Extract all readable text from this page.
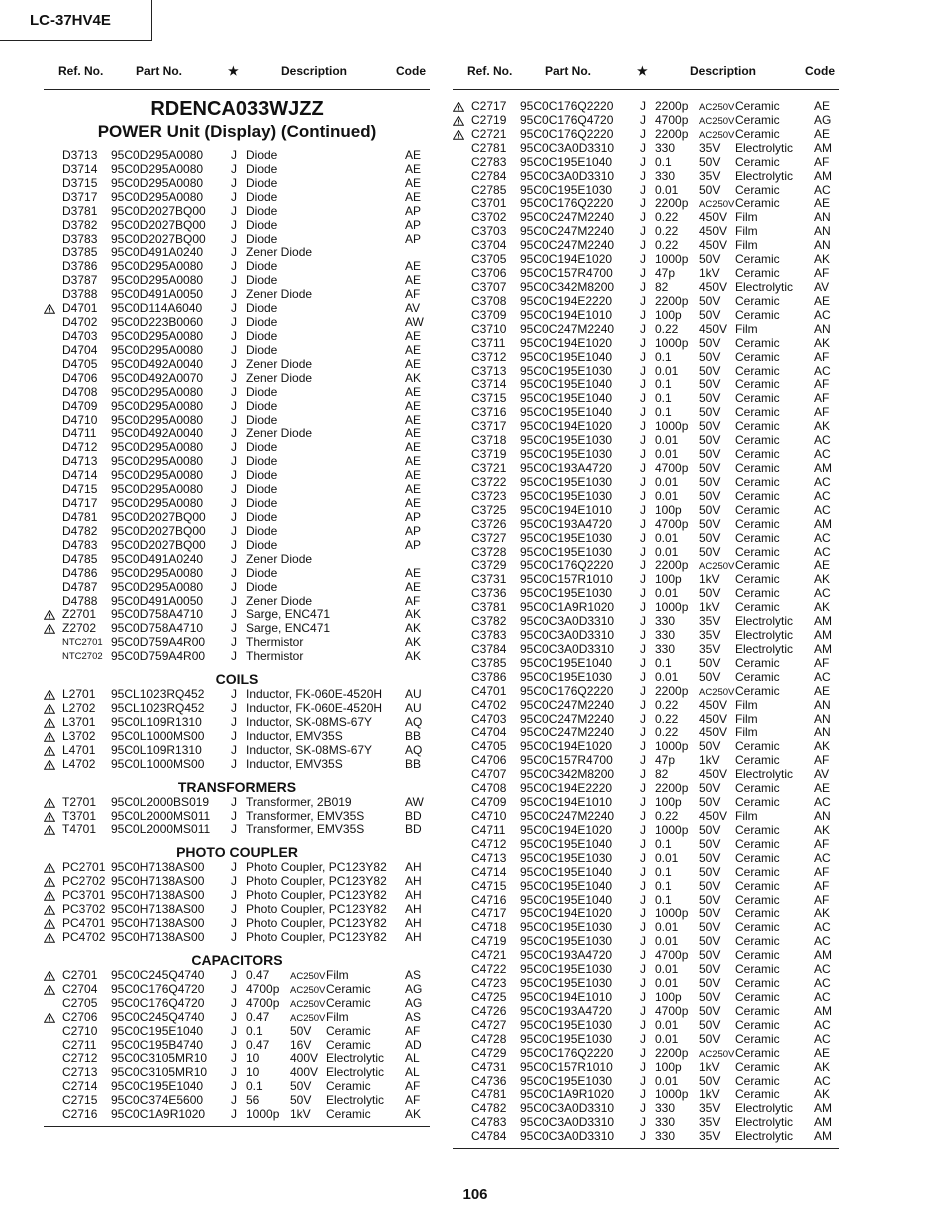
LC-37HV4E
Ref. No.	Part No.	★	Description	Code
RDENCA033WJZZ
POWER Unit (Display) (Continued)
D3713 95C0D295A0080 J Diode	AE
D3714 95C0D295A0080 J Diode	AE
D3715 95C0D295A0080 J Diode	AE
D3717 95C0D295A0080 J Diode	AE
D3781 95C0D2027BQ00 J Diode	AP
D3782 95C0D2027BQ00 J Diode	AP
D3783 95C0D2027BQ00 J Diode	AP
D3785 95C0D491A0240 J Zener Diode
D3786 95C0D295A0080 J Diode	AE
D3787 95C0D295A0080 J Diode	AE
D3788 95C0D491A0050 J Zener Diode	AF
D4701 95C0D114A6040 J Diode	AV
D4702 95C0D223B0060 J Diode	AW
D4703 95C0D295A0080 J Diode	AE
D4704 95C0D295A0080 J Diode	AE
D4705 95C0D492A0040 J Zener Diode	AE
D4706 95C0D492A0070 J Zener Diode	AK
D4708 95C0D295A0080 J Diode	AE
D4709 95C0D295A0080 J Diode	AE
D4710 95C0D295A0080 J Diode	AE
D4711 95C0D492A0040 J Zener Diode	AE
D4712 95C0D295A0080 J Diode	AE
D4713 95C0D295A0080 J Diode	AE
D4714 95C0D295A0080 J Diode	AE
D4715 95C0D295A0080 J Diode	AE
D4717 95C0D295A0080 J Diode	AE
D4781 95C0D2027BQ00 J Diode	AP
D4782 95C0D2027BQ00 J Diode	AP
D4783 95C0D2027BQ00 J Diode	AP
D4785 95C0D491A0240 J Zener Diode
D4786 95C0D295A0080 J Diode	AE
D4787 95C0D295A0080 J Diode	AE
D4788 95C0D491A0050 J Zener Diode	AF
Z2701 95C0D758A4710 J Sarge, ENC471	AK
Z2702 95C0D758A4710 J Sarge, ENC471	AK
NTC2701 95C0D759A4R00 J Thermistor	AK
NTC2702 95C0D759A4R00 J Thermistor	AK
COILS
L2701 95CL1023RQ452 J Inductor, FK-060E-4520H AU
L2702 95CL1023RQ452 J Inductor, FK-060E-4520H AU
L3701 95C0L109R1310 J Inductor, SK-08MS-67Y	AQ
L3702 95C0L1000MS00 J Inductor, EMV35S	BB
L4701 95C0L109R1310 J Inductor, SK-08MS-67Y	AQ
L4702 95C0L1000MS00 J Inductor, EMV35S	BB
TRANSFORMERS
T2701 95C0L2000BS019 J Transformer, 2B019	AW
T3701 95C0L2000MS011 J Transformer, EMV35S	BD
T4701 95C0L2000MS011 J Transformer, EMV35S	BD
PHOTO COUPLER
PC2701 95C0H7138AS00 J Photo Coupler, PC123Y82 AH
PC2702 95C0H7138AS00 J Photo Coupler, PC123Y82 AH
PC3701 95C0H7138AS00 J Photo Coupler, PC123Y82 AH
PC3702 95C0H7138AS00 J Photo Coupler, PC123Y82 AH
PC4701 95C0H7138AS00 J Photo Coupler, PC123Y82 AH
PC4702 95C0H7138AS00 J Photo Coupler, PC123Y82 AH
CAPACITORS
C2701 95C0C245Q4740 J 0.47 AC250V Film	AS
C2704 95C0C176Q4720 J 4700p AC250V Ceramic	AG
C2705 95C0C176Q4720 J 4700p AC250V Ceramic	AG
C2706 95C0C245Q4740 J 0.47 AC250V Film	AS
C2710 95C0C195E1040 J 0.1 50V Ceramic	AF
C2711 95C0C195B4740 J 0.47 16V Ceramic	AD
C2712 95C0C3105MR10 J 10	400V Electrolytic AL
C2713 95C0C3105MR10 J 10	400V Electrolytic AL
C2714 95C0C195E1040 J 0.1 50V Ceramic	AF
C2715 95C0C374E5600 J 56	50V Electrolytic AF
C2716 95C0C1A9R1020 J 1000p 1kV Ceramic	AK
Ref. No.	Part No.	★	Description	Code
C2717 95C0C176Q2220 J 2200p AC250V Ceramic	AE
C2719 95C0C176Q4720 J 4700p AC250V Ceramic	AG
C2721 95C0C176Q2220 J 2200p AC250V Ceramic	AE
C2781 95C0C3A0D3310 J 330 35V Electrolytic AM
C2783 95C0C195E1040 J 0.1 50V Ceramic	AF
C2784 95C0C3A0D3310 J 330 35V Electrolytic AM
C2785 95C0C195E1030 J 0.01 50V Ceramic	AC
C3701 95C0C176Q2220 J 2200p AC250V Ceramic	AE
C3702 95C0C247M2240 J 0.22 450V Film	AN
C3703 95C0C247M2240 J 0.22 450V Film	AN
C3704 95C0C247M2240 J 0.22 450V Film	AN
C3705 95C0C194E1020 J 1000p 50V Ceramic	AK
C3706 95C0C157R4700 J 47p 1kV Ceramic	AF
C3707 95C0C342M8200 J 82	450V Electrolytic AV
C3708 95C0C194E2220 J 2200p 50V Ceramic	AE
C3709 95C0C194E1010 J 100p 50V Ceramic	AC
C3710 95C0C247M2240 J 0.22 450V Film	AN
C3711 95C0C194E1020 J 1000p 50V Ceramic	AK
C3712 95C0C195E1040 J 0.1 50V Ceramic	AF
C3713 95C0C195E1030 J 0.01 50V Ceramic	AC
C3714 95C0C195E1040 J 0.1 50V Ceramic	AF
C3715 95C0C195E1040 J 0.1 50V Ceramic	AF
C3716 95C0C195E1040 J 0.1 50V Ceramic	AF
C3717 95C0C194E1020 J 1000p 50V Ceramic	AK
C3718 95C0C195E1030 J 0.01 50V Ceramic	AC
C3719 95C0C195E1030 J 0.01 50V Ceramic	AC
C3721 95C0C193A4720 J 4700p 50V Ceramic	AM
C3722 95C0C195E1030 J 0.01 50V Ceramic	AC
C3723 95C0C195E1030 J 0.01 50V Ceramic	AC
C3725 95C0C194E1010 J 100p 50V Ceramic	AC
C3726 95C0C193A4720 J 4700p 50V Ceramic	AM
C3727 95C0C195E1030 J 0.01 50V Ceramic	AC
C3728 95C0C195E1030 J 0.01 50V Ceramic	AC
C3729 95C0C176Q2220 J 2200p AC250V Ceramic	AE
C3731 95C0C157R1010 J 100p 1kV Ceramic	AK
C3736 95C0C195E1030 J 0.01 50V Ceramic	AC
C3781 95C0C1A9R1020 J 1000p 1kV Ceramic	AK
C3782 95C0C3A0D3310 J 330 35V Electrolytic AM
C3783 95C0C3A0D3310 J 330 35V Electrolytic AM
C3784 95C0C3A0D3310 J 330 35V Electrolytic AM
C3785 95C0C195E1040 J 0.1 50V Ceramic	AF
C3786 95C0C195E1030 J 0.01 50V Ceramic	AC
C4701 95C0C176Q2220 J 2200p AC250V Ceramic	AE
C4702 95C0C247M2240 J 0.22 450V Film	AN
C4703 95C0C247M2240 J 0.22 450V Film	AN
C4704 95C0C247M2240 J 0.22 450V Film	AN
C4705 95C0C194E1020 J 1000p 50V Ceramic	AK
C4706 95C0C157R4700 J 47p 1kV Ceramic	AF
C4707 95C0C342M8200 J 82	450V Electrolytic AV
C4708 95C0C194E2220 J 2200p 50V Ceramic	AE
C4709 95C0C194E1010 J 100p 50V Ceramic	AC
C4710 95C0C247M2240 J 0.22 450V Film	AN
C4711 95C0C194E1020 J 1000p 50V Ceramic	AK
C4712 95C0C195E1040 J 0.1 50V Ceramic	AF
C4713 95C0C195E1030 J 0.01 50V Ceramic	AC
C4714 95C0C195E1040 J 0.1 50V Ceramic	AF
C4715 95C0C195E1040 J 0.1 50V Ceramic	AF
C4716 95C0C195E1040 J 0.1 50V Ceramic	AF
C4717 95C0C194E1020 J 1000p 50V Ceramic	AK
C4718 95C0C195E1030 J 0.01 50V Ceramic	AC
C4719 95C0C195E1030 J 0.01 50V Ceramic	AC
C4721 95C0C193A4720 J 4700p 50V Ceramic	AM
C4722 95C0C195E1030 J 0.01 50V Ceramic	AC
C4723 95C0C195E1030 J 0.01 50V Ceramic	AC
C4725 95C0C194E1010 J 100p 50V Ceramic	AC
C4726 95C0C193A4720 J 4700p 50V Ceramic	AM
C4727 95C0C195E1030 J 0.01 50V Ceramic	AC
C4728 95C0C195E1030 J 0.01 50V Ceramic	AC
C4729 95C0C176Q2220 J 2200p AC250V Ceramic	AE
C4731 95C0C157R1010 J 100p 1kV Ceramic	AK
C4736 95C0C195E1030 J 0.01 50V Ceramic	AC
C4781 95C0C1A9R1020 J 1000p 1kV Ceramic	AK
C4782 95C0C3A0D3310 J 330 35V Electrolytic AM
C4783 95C0C3A0D3310 J 330 35V Electrolytic AM
C4784 95C0C3A0D3310 J 330 35V Electrolytic AM
106
